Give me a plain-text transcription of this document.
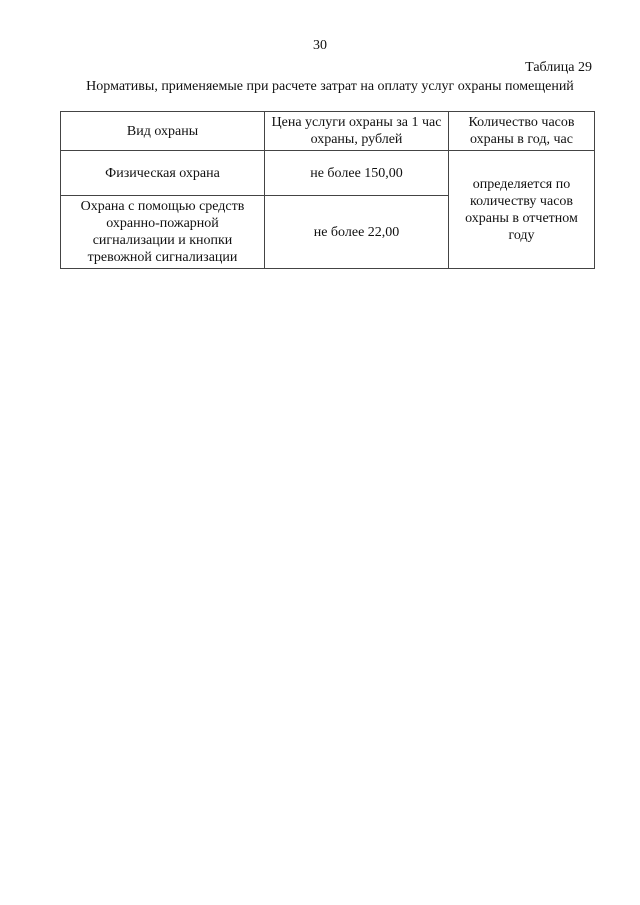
30
Таблица 29
Нормативы, применяемые при расчете затрат на оплату услуг охраны помещений
Вид охраны	Цена услуги охраны за 1 час охраны, рублей	Количество часов охраны в год, час
Физическая охрана	не более 150,00	определяется по количеству часов охраны в отчетном году
Охрана с помощью средств охранно-пожарной сигнализации и кнопки тревожной сигнализации	не более 22,00	
